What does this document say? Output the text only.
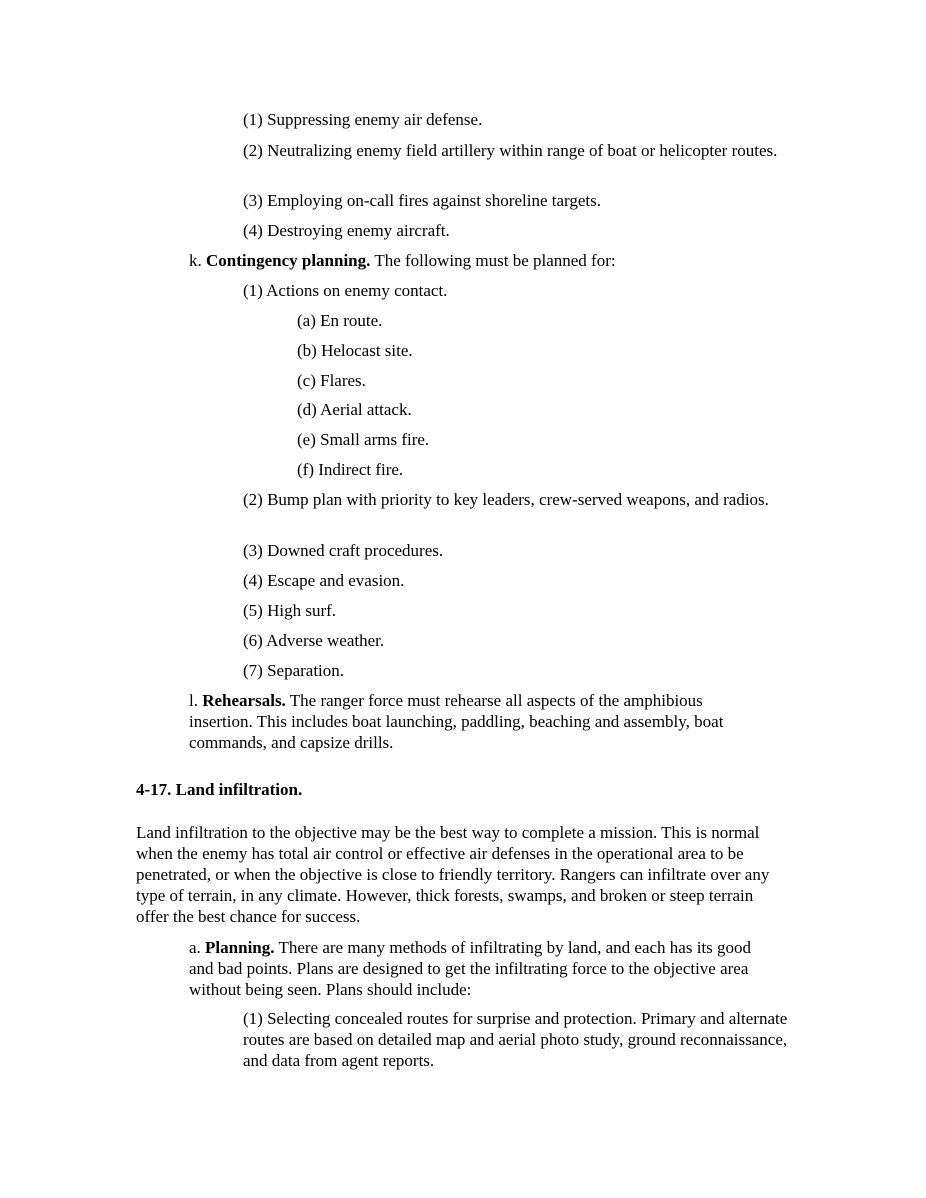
(1) Suppressing enemy air defense.

(2) Neutralizing enemy field artillery within range of boat or helicopter routes.

(3) Employing on-call fires against shoreline targets.

(4) Destroying enemy aircraft.

k. Contingency planning. The following must be planned for:

(1) Actions on enemy contact.

(a) En route.

(b) Helocast site.

(c) Flares.

(d) Aerial attack.

(e) Small arms fire.

(f) Indirect fire.

(2) Bump plan with priority to key leaders, crew-served weapons, and radios.

(3) Downed craft procedures.

(4) Escape and evasion.

(5) High surf.

(6) Adverse weather.

(7) Separation.

l. Rehearsals. The ranger force must rehearse all aspects of the amphibious insertion. This includes boat launching, paddling, beaching and assembly, boat commands, and capsize drills.

4-17. Land infiltration.

Land infiltration to the objective may be the best way to complete a mission. This is normal when the enemy has total air control or effective air defenses in the operational area to be penetrated, or when the objective is close to friendly territory. Rangers can infiltrate over any type of terrain, in any climate. However, thick forests, swamps, and broken or steep terrain offer the best chance for success.

a. Planning. There are many methods of infiltrating by land, and each has its good and bad points. Plans are designed to get the infiltrating force to the objective area without being seen. Plans should include:

(1) Selecting concealed routes for surprise and protection. Primary and alternate routes are based on detailed map and aerial photo study, ground reconnaissance, and data from agent reports.
